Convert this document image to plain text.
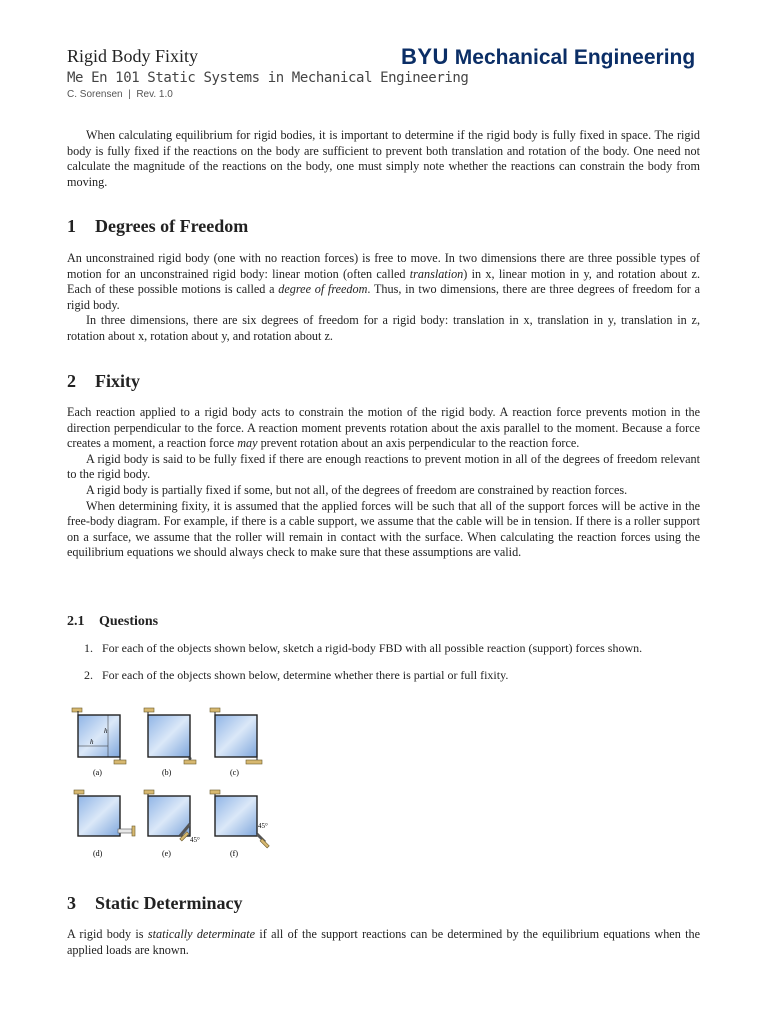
Rigid Body Fixity
Me En 101 Static Systems in Mechanical Engineering
C. Sorensen  |  Rev. 1.0
BYU Mechanical Engineering

When calculating equilibrium for rigid bodies, it is important to determine if the rigid body is fully fixed in space. The rigid body is fully fixed if the reactions on the body are sufficient to prevent both translation and rotation of the body. One need not calculate the magnitude of the reactions on the body, one must simply note whether the reactions can constrain the body from moving.

1 Degrees of Freedom

An unconstrained rigid body (one with no reaction forces) is free to move. In two dimensions there are three possible types of motion for an unconstrained rigid body: linear motion (often called translation) in x, linear motion in y, and rotation about z. Each of these possible motions is called a degree of freedom. Thus, in two dimensions, there are three degrees of freedom for a rigid body.

In three dimensions, there are six degrees of freedom for a rigid body: translation in x, translation in y, translation in z, rotation about x, rotation about y, and rotation about z.

2 Fixity

Each reaction applied to a rigid body acts to constrain the motion of the rigid body. A reaction force prevents motion in the direction perpendicular to the force. A reaction moment prevents rotation about the axis parallel to the moment. Because a force creates a moment, a reaction force may prevent rotation about an axis perpendicular to the reaction force.

A rigid body is said to be fully fixed if there are enough reactions to prevent motion in all of the degrees of freedom relevant to the rigid body.

A rigid body is partially fixed if some, but not all, of the degrees of freedom are constrained by reaction forces.

When determining fixity, it is assumed that the applied forces will be such that all of the support forces will be active in the free-body diagram. For example, if there is a cable support, we assume that the cable will be in tension. If there is a roller support on a surface, we assume that the roller will remain in contact with the surface. When calculating the reaction forces using the equilibrium equations we should always check to make sure that these assumptions are valid.

2.1 Questions
1. For each of the objects shown below, sketch a rigid-body FBD with all possible reaction (support) forces shown.
2. For each of the objects shown below, determine whether there is partial or full fixity.
h
h
(a)	(b)	(c)
(d)
45°
(e)
45°
(f)
3 Static Determinacy

A rigid body is statically determinate if all of the support reactions can be determined by the equilibrium equations when the applied loads are known.
